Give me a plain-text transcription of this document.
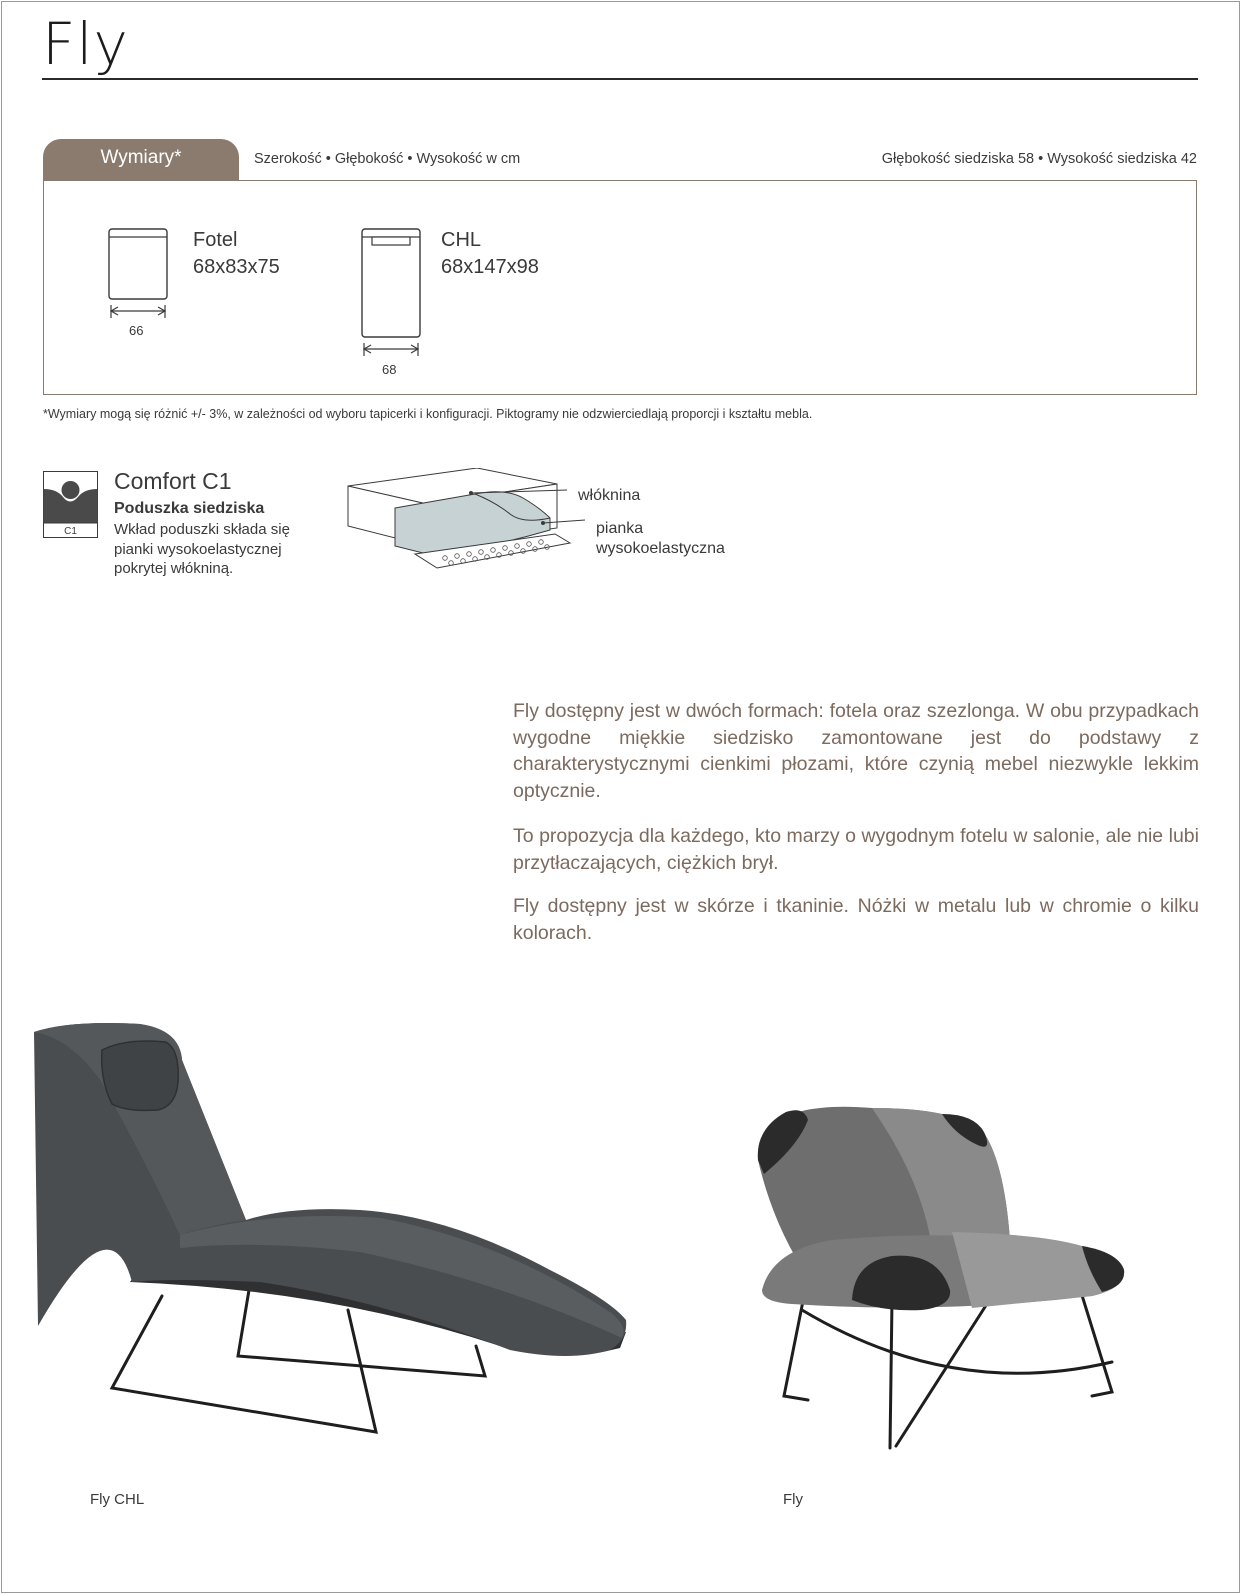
Fly
Wymiary*	Szerokość • Głębokość • Wysokość w cm	Głębokość siedziska 58 • Wysokość siedziska 42
66
Fotel
68x83x75
68
CHL
68x147x98
*Wymiary mogą się różnić +/- 3%, w zależności od wyboru tapicerki i konfiguracji. Piktogramy nie odzwierciedlają proporcji i kształtu mebla.
C1
Comfort C1
Poduszka siedziska
Wkład poduszki składa się pianki wysokoelastycznej pokrytej włókniną.
włóknina
pianka
wysokoelastyczna

Fly dostępny jest w dwóch formach: fotela oraz szezlonga. W obu przypadkach wygodne miękkie siedzisko zamontowane jest do podstawy z charakterystycznymi cienkimi płozami, które czynią mebel niezwykle lekkim optycznie.

To propozycja dla każdego, kto marzy o wygodnym fotelu w salonie, ale nie lubi przytłaczających, ciężkich brył.

Fly dostępny jest w skórze i tkaninie. Nóżki w metalu lub w chromie o kilku kolorach.

Fly CHL	Fly
